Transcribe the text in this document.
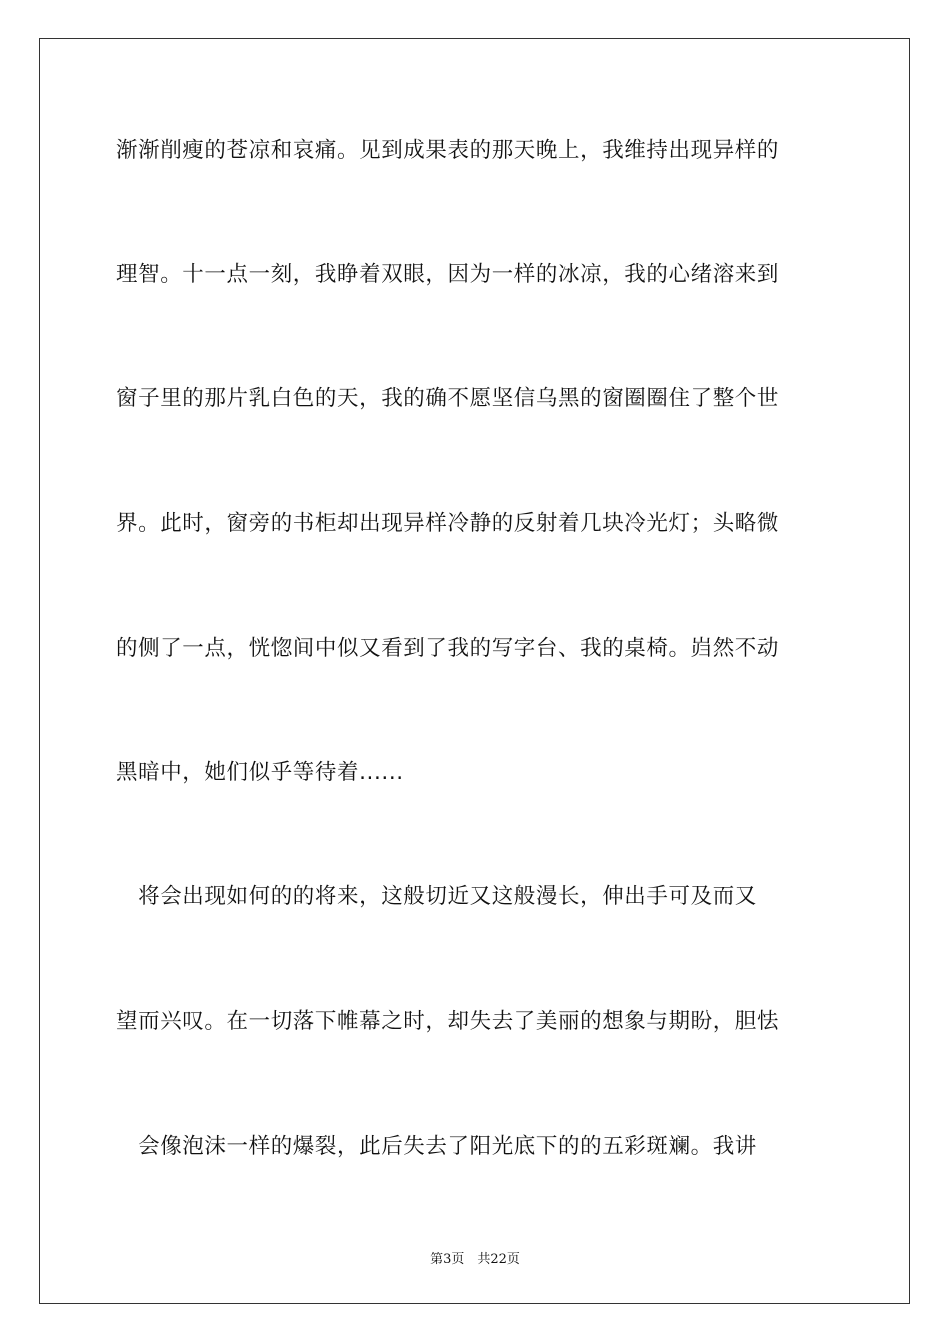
渐渐削瘦的苍凉和哀痛。见到成果表的那天晚上，我维持出现异样的
理智。十一点一刻，我睁着双眼，因为一样的冰凉，我的心绪溶来到
窗子里的那片乳白色的天，我的确不愿坚信乌黑的窗圈圈住了整个世
界。此时，窗旁的书柜却出现异样冷静的反射着几块冷光灯；头略微
的侧了一点，恍惚间中似又看到了我的写字台、我的桌椅。岿然不动
黑暗中，她们似乎等待着......
　将会出现如何的的将来，这般切近又这般漫长，伸出手可及而又
望而兴叹。在一切落下帷幕之时，却失去了美丽的想象与期盼，胆怯
　会像泡沫一样的爆裂，此后失去了阳光底下的的五彩斑斓。我讲
第3页　共22页
